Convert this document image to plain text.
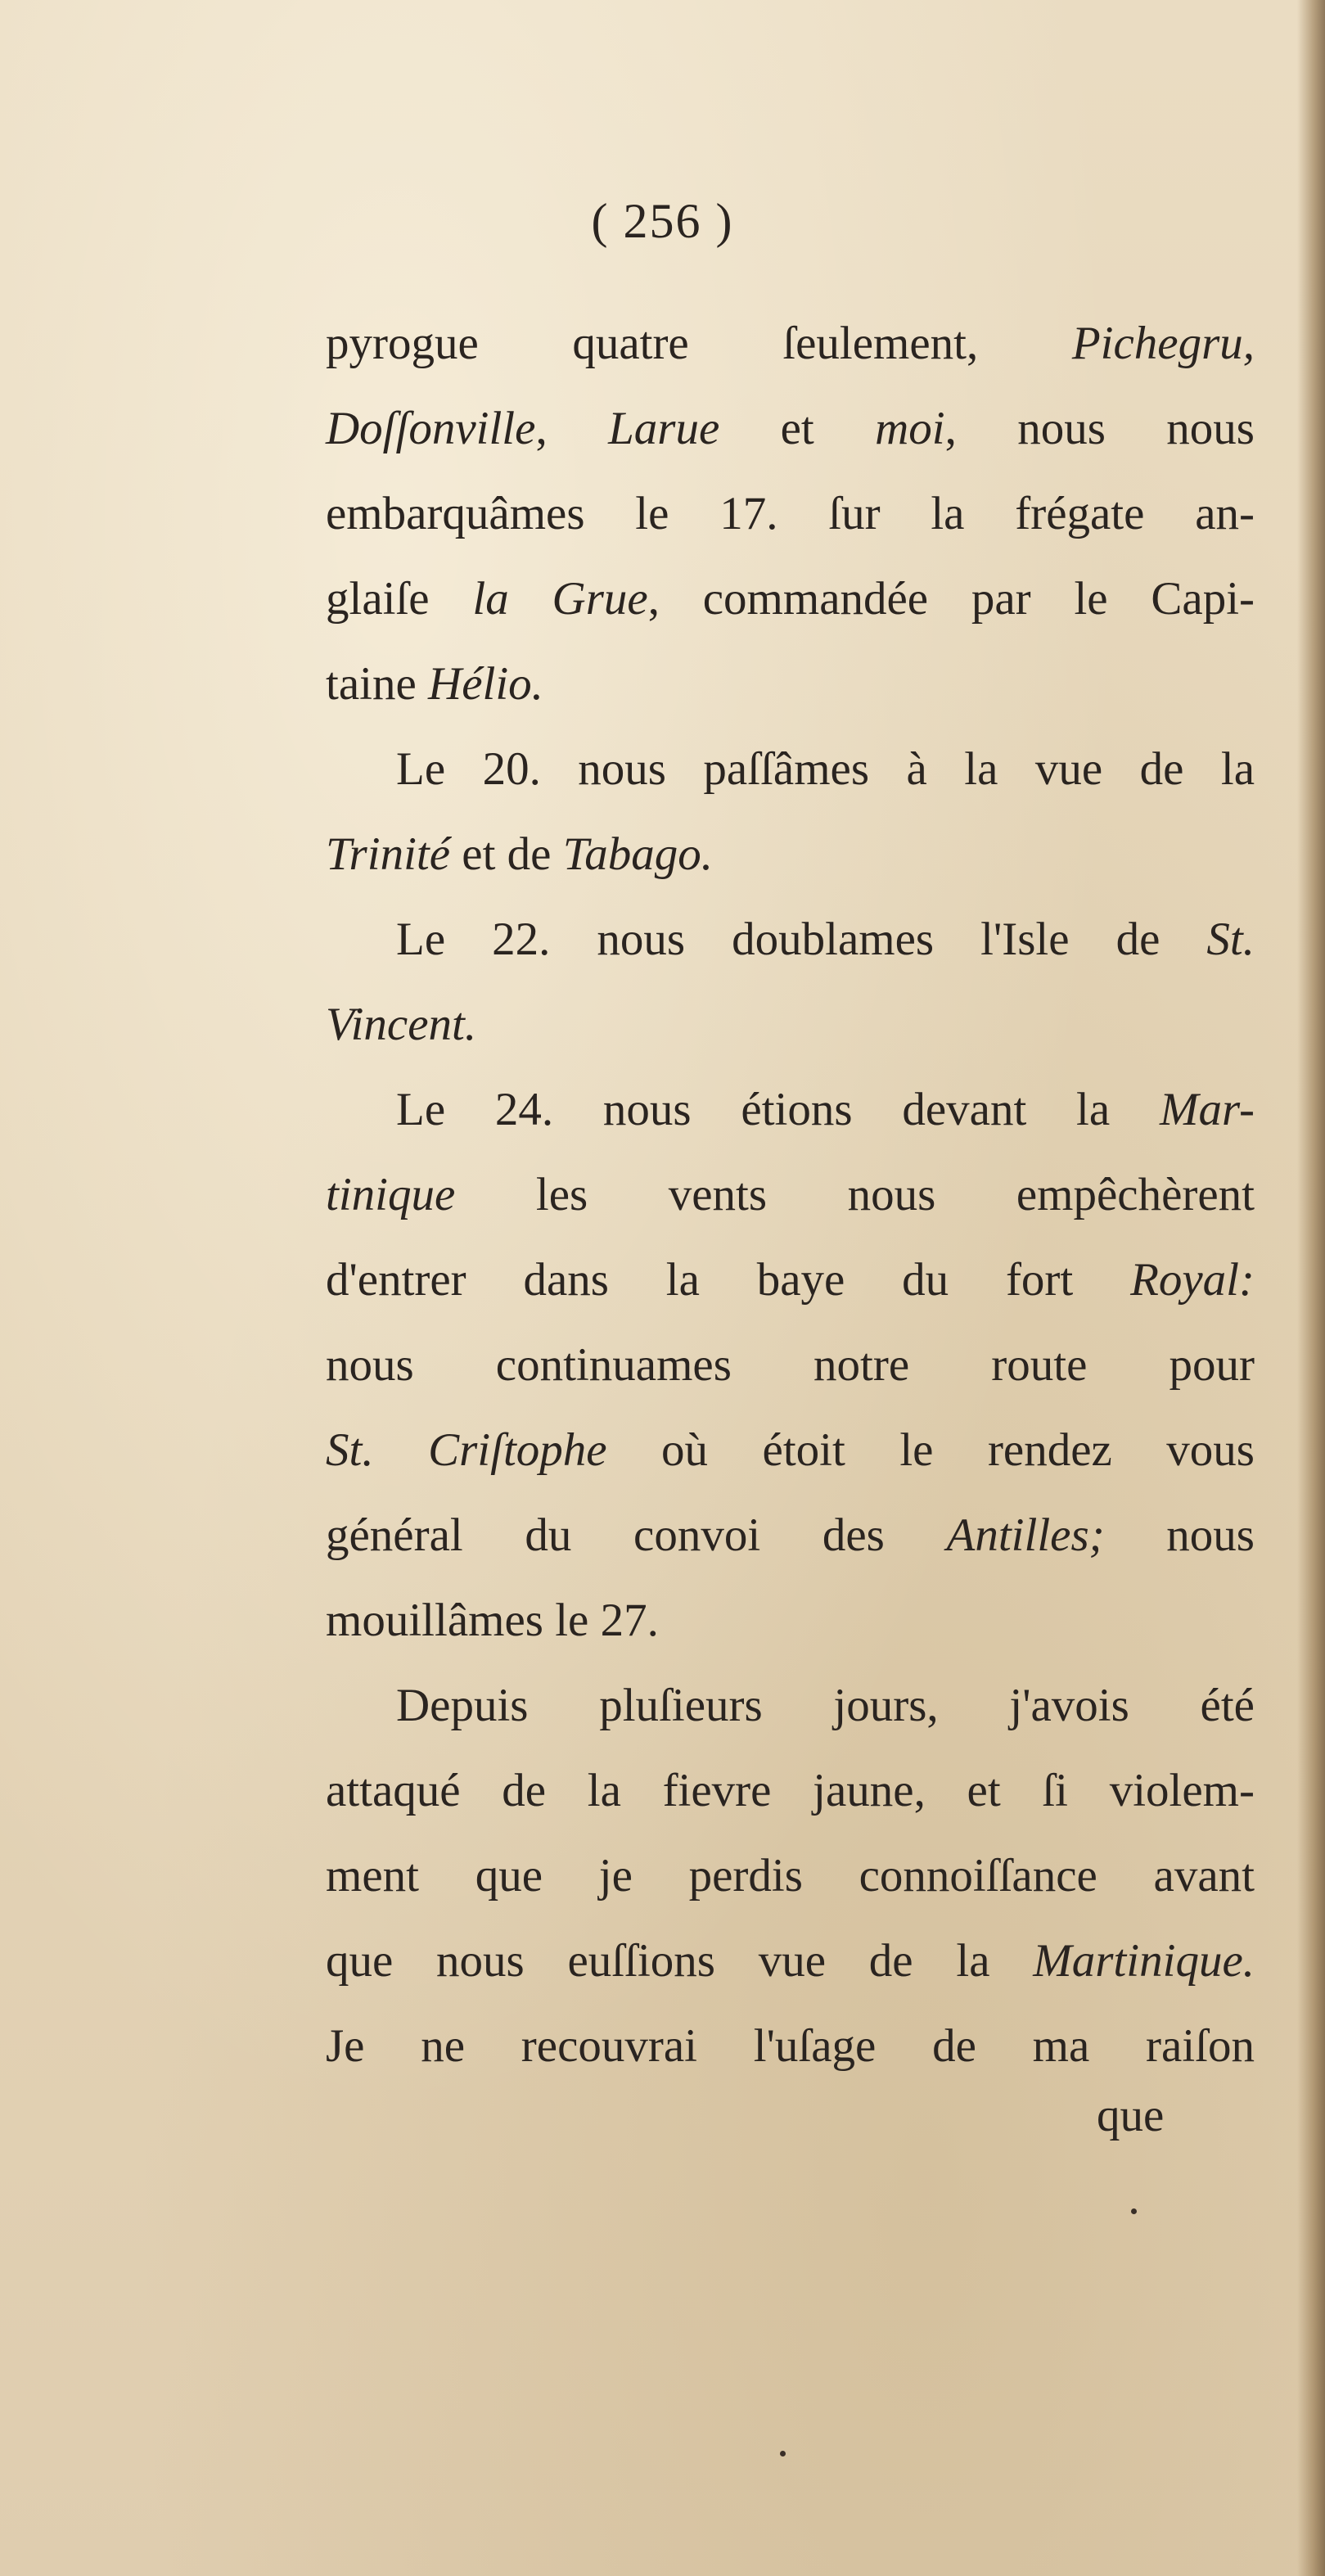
( 256 )
pyrogue quatre ſeulement, Pichegru,
Doſſonville, Larue et moi, nous nous
embarquâmes le 17. ſur la frégate an-
glaiſe la Grue, commandée par le Capi-
taine Hélio.
Le 20. nous paſſâmes à la vue de la
Trinité et de Tabago.
Le 22. nous doublames l'Isle de St.
Vincent.
Le 24. nous étions devant la Mar-
tinique les vents nous empêchèrent
d'entrer dans la baye du fort Royal:
nous continuames notre route pour
St. Criſtophe où étoit le rendez vous
général du convoi des Antilles; nous
mouillâmes le 27.
Depuis pluſieurs jours, j'avois été
attaqué de la fievre jaune, et ſi violem-
ment que je perdis connoiſſance avant
que nous euſſions vue de la Martinique.
Je ne recouvrai l'uſage de ma raiſon
que
